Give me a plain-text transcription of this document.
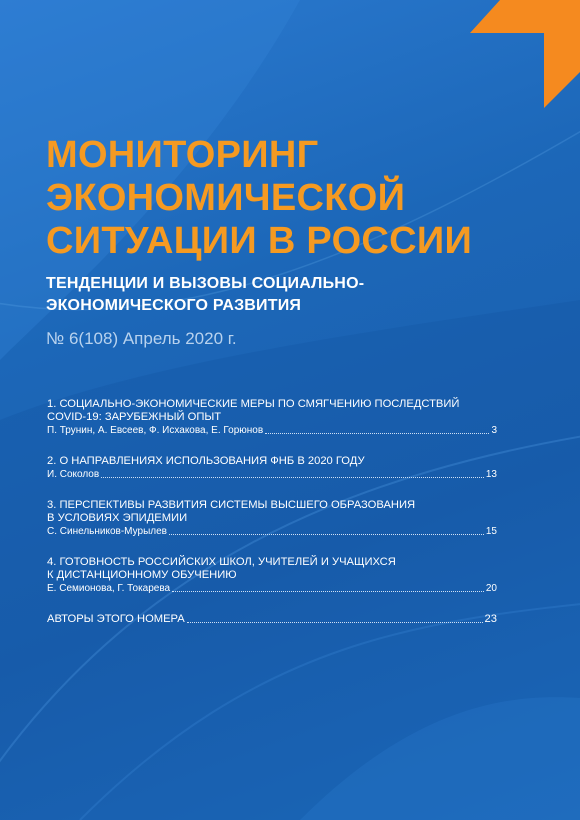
МОНИТОРИНГ
ЭКОНОМИЧЕСКОЙ
СИТУАЦИИ В РОССИИ

ТЕНДЕНЦИИ И ВЫЗОВЫ СОЦИАЛЬНО-
ЭКОНОМИЧЕСКОГО РАЗВИТИЯ

№ 6(108) Апрель 2020 г.

1. СОЦИАЛЬНО-ЭКОНОМИЧЕСКИЕ МЕРЫ ПО СМЯГЧЕНИЮ ПОСЛЕДСТВИЙ
COVID-19: ЗАРУБЕЖНЫЙ ОПЫТ
П. Трунин, А. Евсеев, Ф. Исхакова, Е. Горюнов	3
2. О НАПРАВЛЕНИЯХ ИСПОЛЬЗОВАНИЯ ФНБ В 2020 ГОДУ
И. Соколов	13
3. ПЕРСПЕКТИВЫ РАЗВИТИЯ СИСТЕМЫ ВЫСШЕГО ОБРАЗОВАНИЯ
В УСЛОВИЯХ ЭПИДЕМИИ
С. Синельников-Мурылев	15
4. ГОТОВНОСТЬ РОССИЙСКИХ ШКОЛ, УЧИТЕЛЕЙ И УЧАЩИХСЯ
К ДИСТАНЦИОННОМУ ОБУЧЕНИЮ
Е. Семионова, Г. Токарева	20
АВТОРЫ ЭТОГО НОМЕРА	23
